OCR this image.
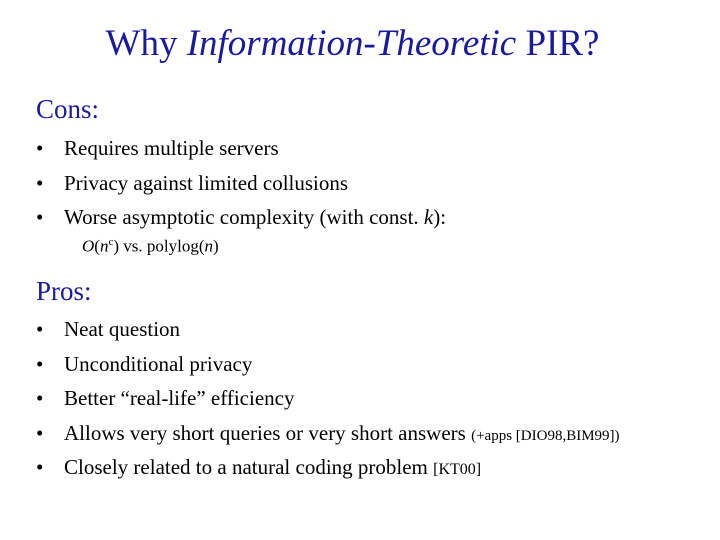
Why Information-Theoretic PIR?
Cons:
• Requires multiple servers
• Privacy against limited collusions
• Worse asymptotic complexity (with const. k):
$O(n^c)$ vs. polylog(n)
Pros:
• Neat question
• Unconditional privacy
• Better “real-life” efficiency
• Allows very short queries or very short answers (+apps [DIO98,BIM99])
• Closely related to a natural coding problem [KT00]
